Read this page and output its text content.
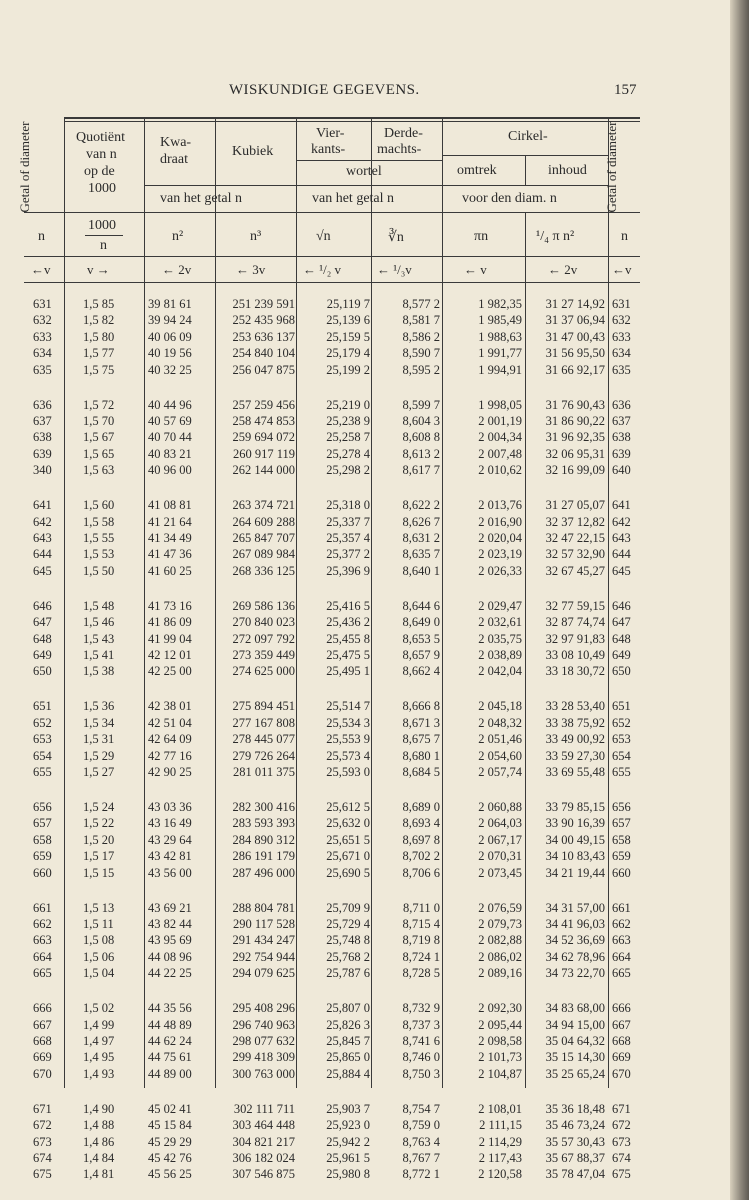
WISKUNDIGE GEGEVENS.	157
Getal of diameter	Getal of diameter
Quotiënt
van n
op de
1000
Kwa-
draat
Kubiek
Vier-
kants-
Derde-
machts-
wortel
Cirkel-
omtrek	inhoud
van het getal n	van het getal n	voor den diam. n
n
1000
n
n²	n³	√n	∛n	πn	¹/₄ π n²	n
←v	v →	← 2v	← 3v	← ¹/₂ v	← ¹/₃v	← v	← 2v	←v
631	1,5 85	39 81 61	251 239 591	25,119 7	8,577 2	1 982,35	31 27 14,92 631
632	1,5 82	39 94 24	252 435 968	25,139 6	8,581 7	1 985,49	31 37 06,94 632
633	1,5 80	40 06 09	253 636 137	25,159 5	8,586 2	1 988,63	31 47 00,43 633
634	1,5 77	40 19 56	254 840 104	25,179 4	8,590 7	1 991,77	31 56 95,50 634
635	1,5 75	40 32 25	256 047 875	25,199 2	8,595 2	1 994,91	31 66 92,17 635
636	1,5 72	40 44 96	257 259 456	25,219 0	8,599 7	1 998,05	31 76 90,43 636
637	1,5 70	40 57 69	258 474 853	25,238 9	8,604 3	2 001,19	31 86 90,22 637
638	1,5 67	40 70 44	259 694 072	25,258 7	8,608 8	2 004,34	31 96 92,35 638
639	1,5 65	40 83 21	260 917 119	25,278 4	8,613 2	2 007,48	32 06 95,31 639
340	1,5 63	40 96 00	262 144 000	25,298 2	8,617 7	2 010,62	32 16 99,09 640
641	1,5 60	41 08 81	263 374 721	25,318 0	8,622 2	2 013,76	31 27 05,07 641
642	1,5 58	41 21 64	264 609 288	25,337 7	8,626 7	2 016,90	32 37 12,82 642
643	1,5 55	41 34 49	265 847 707	25,357 4	8,631 2	2 020,04	32 47 22,15 643
644	1,5 53	41 47 36	267 089 984	25,377 2	8,635 7	2 023,19	32 57 32,90 644
645	1,5 50	41 60 25	268 336 125	25,396 9	8,640 1	2 026,33	32 67 45,27 645
646	1,5 48	41 73 16	269 586 136	25,416 5	8,644 6	2 029,47	32 77 59,15 646
647	1,5 46	41 86 09	270 840 023	25,436 2	8,649 0	2 032,61	32 87 74,74 647
648	1,5 43	41 99 04	272 097 792	25,455 8	8,653 5	2 035,75	32 97 91,83 648
649	1,5 41	42 12 01	273 359 449	25,475 5	8,657 9	2 038,89	33 08 10,49 649
650	1,5 38	42 25 00	274 625 000	25,495 1	8,662 4	2 042,04	33 18 30,72 650
651	1,5 36	42 38 01	275 894 451	25,514 7	8,666 8	2 045,18	33 28 53,40 651
652	1,5 34	42 51 04	277 167 808	25,534 3	8,671 3	2 048,32	33 38 75,92 652
653	1,5 31	42 64 09	278 445 077	25,553 9	8,675 7	2 051,46	33 49 00,92 653
654	1,5 29	42 77 16	279 726 264	25,573 4	8,680 1	2 054,60	33 59 27,30 654
655	1,5 27	42 90 25	281 011 375	25,593 0	8,684 5	2 057,74	33 69 55,48 655
656	1,5 24	43 03 36	282 300 416	25,612 5	8,689 0	2 060,88	33 79 85,15 656
657	1,5 22	43 16 49	283 593 393	25,632 0	8,693 4	2 064,03	33 90 16,39 657
658	1,5 20	43 29 64	284 890 312	25,651 5	8,697 8	2 067,17	34 00 49,15 658
659	1,5 17	43 42 81	286 191 179	25,671 0	8,702 2	2 070,31	34 10 83,43 659
660	1,5 15	43 56 00	287 496 000	25,690 5	8,706 6	2 073,45	34 21 19,44 660
661	1,5 13	43 69 21	288 804 781	25,709 9	8,711 0	2 076,59	34 31 57,00 661
662	1,5 11	43 82 44	290 117 528	25,729 4	8,715 4	2 079,73	34 41 96,03 662
663	1,5 08	43 95 69	291 434 247	25,748 8	8,719 8	2 082,88	34 52 36,69 663
664	1,5 06	44 08 96	292 754 944	25,768 2	8,724 1	2 086,02	34 62 78,96 664
665	1,5 04	44 22 25	294 079 625	25,787 6	8,728 5	2 089,16	34 73 22,70 665
666	1,5 02	44 35 56	295 408 296	25,807 0	8,732 9	2 092,30	34 83 68,00 666
667	1,4 99	44 48 89	296 740 963	25,826 3	8,737 3	2 095,44	34 94 15,00 667
668	1,4 97	44 62 24	298 077 632	25,845 7	8,741 6	2 098,58	35 04 64,32 668
669	1,4 95	44 75 61	299 418 309	25,865 0	8,746 0	2 101,73	35 15 14,30 669
670	1,4 93	44 89 00	300 763 000	25,884 4	8,750 3	2 104,87	35 25 65,24 670
671	1,4 90	45 02 41	302 111 711	25,903 7	8,754 7	2 108,01	35 36 18,48 671
672	1,4 88	45 15 84	303 464 448	25,923 0	8,759 0	2 111,15	35 46 73,24 672
673	1,4 86	45 29 29	304 821 217	25,942 2	8,763 4	2 114,29	35 57 30,43 673
674	1,4 84	45 42 76	306 182 024	25,961 5	8,767 7	2 117,43	35 67 88,37 674
675	1,4 81	45 56 25	307 546 875	25,980 8	8,772 1	2 120,58	35 78 47,04 675
